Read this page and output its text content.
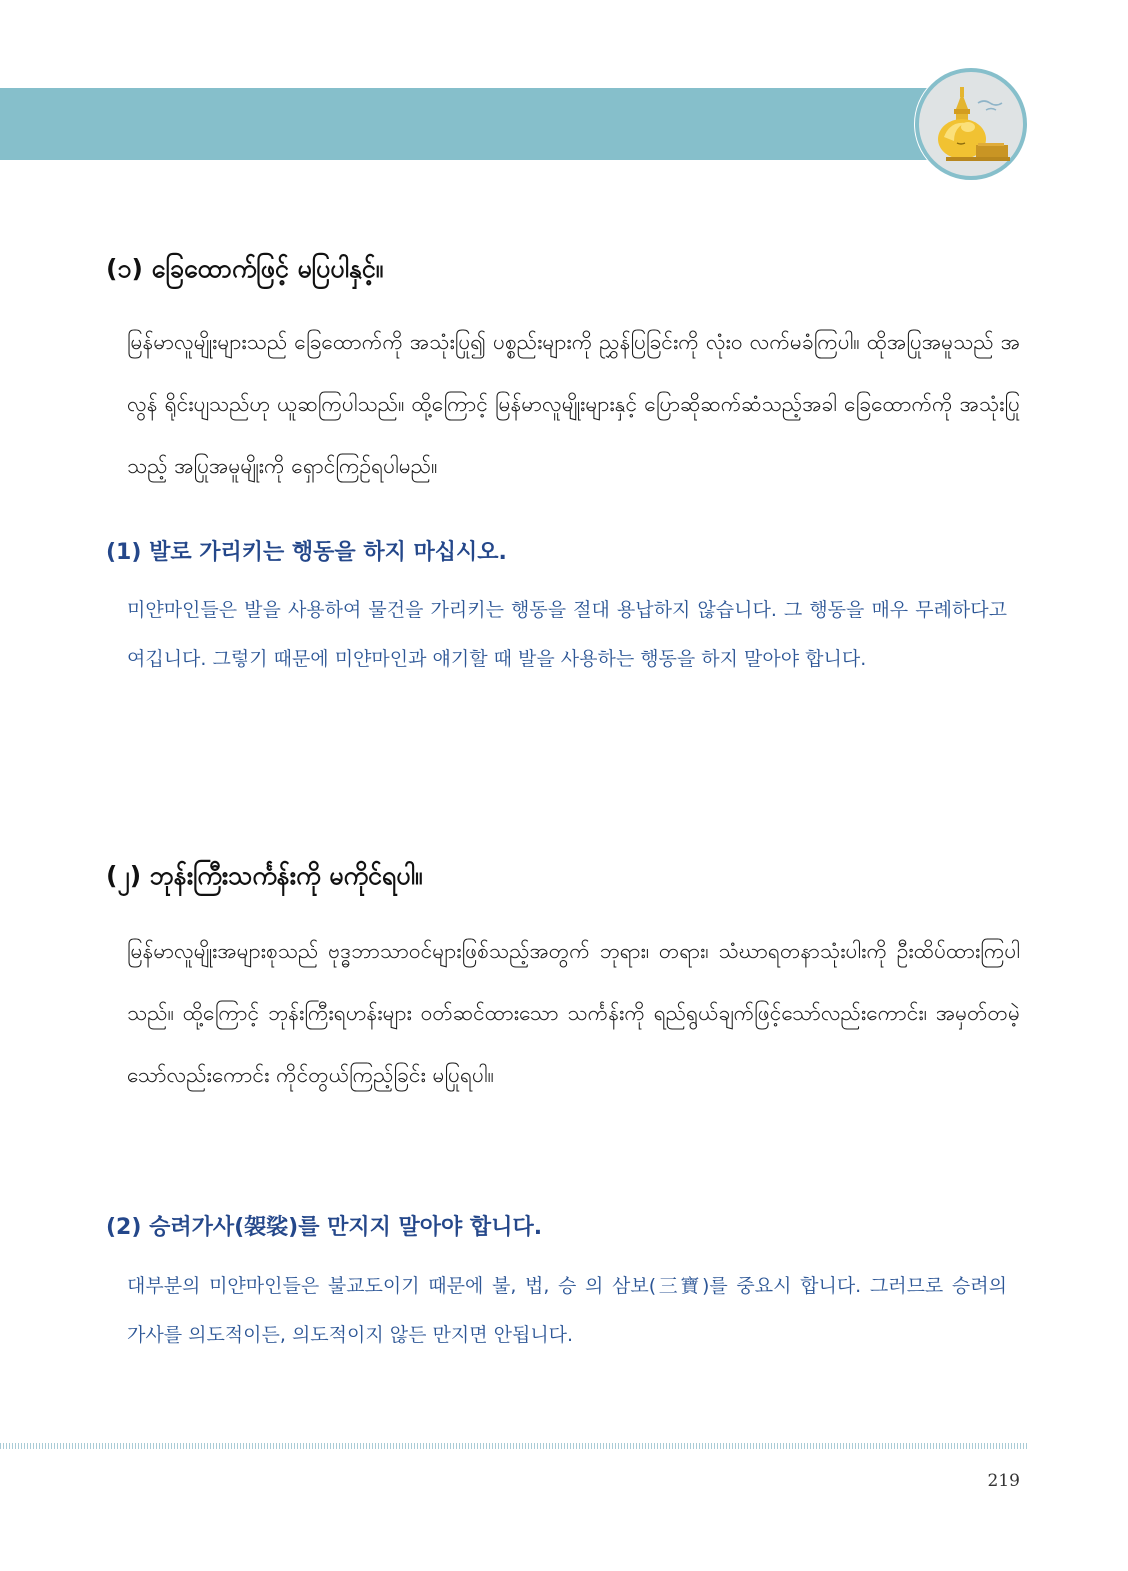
(၁) ခြေထောက်ဖြင့် မပြပါနှင့်။

မြန်မာလူမျိုးများသည် ခြေထောက်ကို အသုံးပြု၍ ပစ္စည်းများကို ညွှန်ပြခြင်းကို လုံးဝ လက်မခံကြပါ။ ထိုအပြုအမူသည် အလွန် ရိုင်းပျသည်ဟု ယူဆကြပါသည်။ ထို့ကြောင့် မြန်မာလူမျိုးများနှင့် ပြောဆိုဆက်ဆံသည့်အခါ ခြေထောက်ကို အသုံးပြုသည့် အပြုအမူမျိုးကို ရှောင်ကြဉ်ရပါမည်။

(1) 발로 가리키는 행동을 하지 마십시오.

미얀마인들은 발을 사용하여 물건을 가리키는 행동을 절대 용납하지 않습니다. 그 행동을 매우 무례하다고 여깁니다. 그렇기 때문에 미얀마인과 얘기할 때 발을 사용하는 행동을 하지 말아야 합니다.

(၂) ဘုန်းကြီးသင်္ကန်းကို မကိုင်ရပါ။

မြန်မာလူမျိုးအများစုသည် ဗုဒ္ဓဘာသာဝင်များဖြစ်သည့်အတွက် ဘုရား၊ တရား၊ သံဃာရတနာသုံးပါးကို ဦးထိပ်ထားကြပါသည်။ ထို့ကြောင့် ဘုန်းကြီးရဟန်းများ ဝတ်ဆင်ထားသော သင်္ကန်းကို ရည်ရွယ်ချက်ဖြင့်သော်လည်းကောင်း၊ အမှတ်တမဲ့သော်လည်းကောင်း ကိုင်တွယ်ကြည့်ခြင်း မပြုရပါ။

(2) 승려가사(袈裟)를 만지지 말아야 합니다.

대부분의 미얀마인들은 불교도이기 때문에 불, 법, 승 의 삼보(三寶)를 중요시 합니다. 그러므로 승려의 가사를 의도적이든, 의도적이지 않든 만지면 안됩니다.

219
